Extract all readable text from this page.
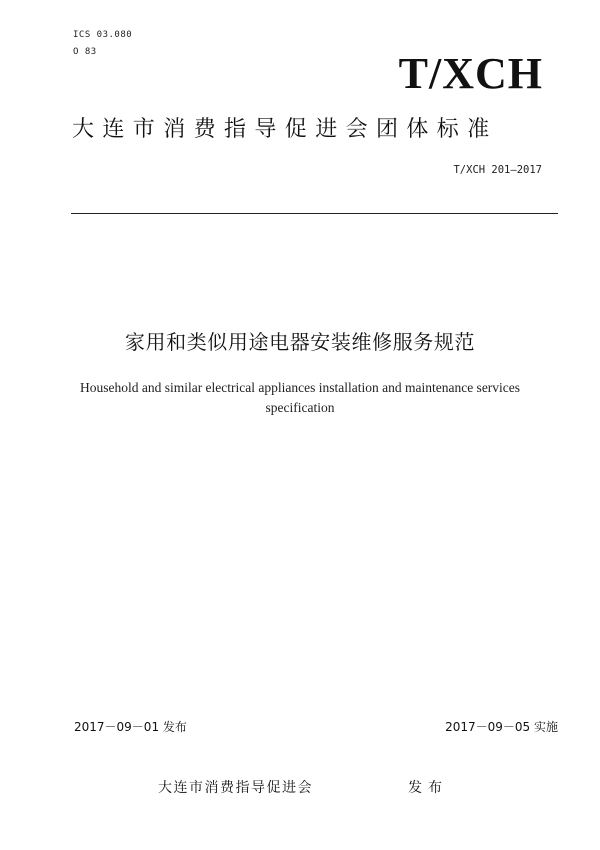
ICS 03.080
O 83	T/XCH
大连市消费指导促进会团体标准
T/XCH 201—2017
家用和类似用途电器安装维修服务规范
Household and similar electrical appliances installation and maintenance services
specification
2017－09－01 发布	2017－09－05 实施
大连市消费指导促进会	发布
